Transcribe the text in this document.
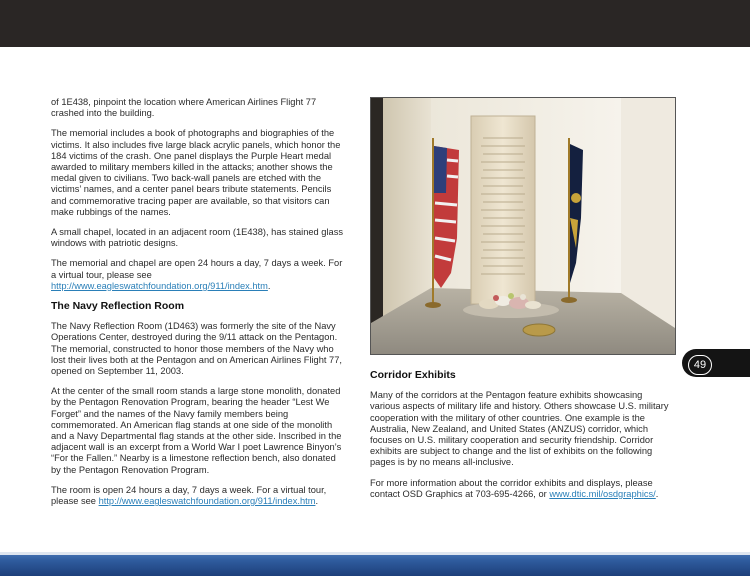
of 1E438, pinpoint the location where American Airlines Flight 77 crashed into the building.

The memorial includes a book of photographs and biographies of the victims. It also includes five large black acrylic panels, which honor the 184 victims of the crash. One panel displays the Purple Heart medal awarded to military members killed in the attacks; another shows the medal given to civilians. Two back-wall panels are etched with the victims’ names, and a center panel bears tribute statements. Pencils and commemorative tracing paper are available, so that visitors can make rubbings of the names.

A small chapel, located in an adjacent room (1E438), has stained glass windows with patriotic designs.

The memorial and chapel are open 24 hours a day, 7 days a week. For a virtual tour, please see http://www.eagleswatchfoundation.org/911/index.htm.

The Navy Reflection Room

The Navy Reflection Room (1D463) was formerly the site of the Navy Operations Center, destroyed during the 9/11 attack on the Pentagon. The memorial, constructed to honor those members of the Navy who lost their lives both at the Pentagon and on American Airlines Flight 77, opened on September 11, 2003.

At the center of the small room stands a large stone monolith, donated by the Pentagon Renovation Program, bearing the header “Lest We Forget” and the names of the Navy family members being commemorated. An American flag stands at one side of the monolith and a Navy Departmental flag stands at the other side. Inscribed in the adjacent wall is an excerpt from a World War I poet Lawrence Binyon’s “For the Fallen.” Nearby is a limestone reflection bench, also donated by the Pentagon Renovation Program.

The room is open 24 hours a day, 7 days a week. For a virtual tour, please see http://www.eagleswatchfoundation.org/911/index.htm.

49
Corridor Exhibits

Many of the corridors at the Pentagon feature exhibits showcasing various aspects of military life and history. Others showcase U.S. military cooperation with the military of other countries. One example is the Australia, New Zealand, and United States (ANZUS) corridor, which focuses on U.S. military cooperation and security friendship. Corridor exhibits are subject to change and the list of exhibits on the following pages is by no means all-inclusive.

For more information about the corridor exhibits and displays, please contact OSD Graphics at 703-695-4266, or www.dtic.mil/osdgraphics/.
